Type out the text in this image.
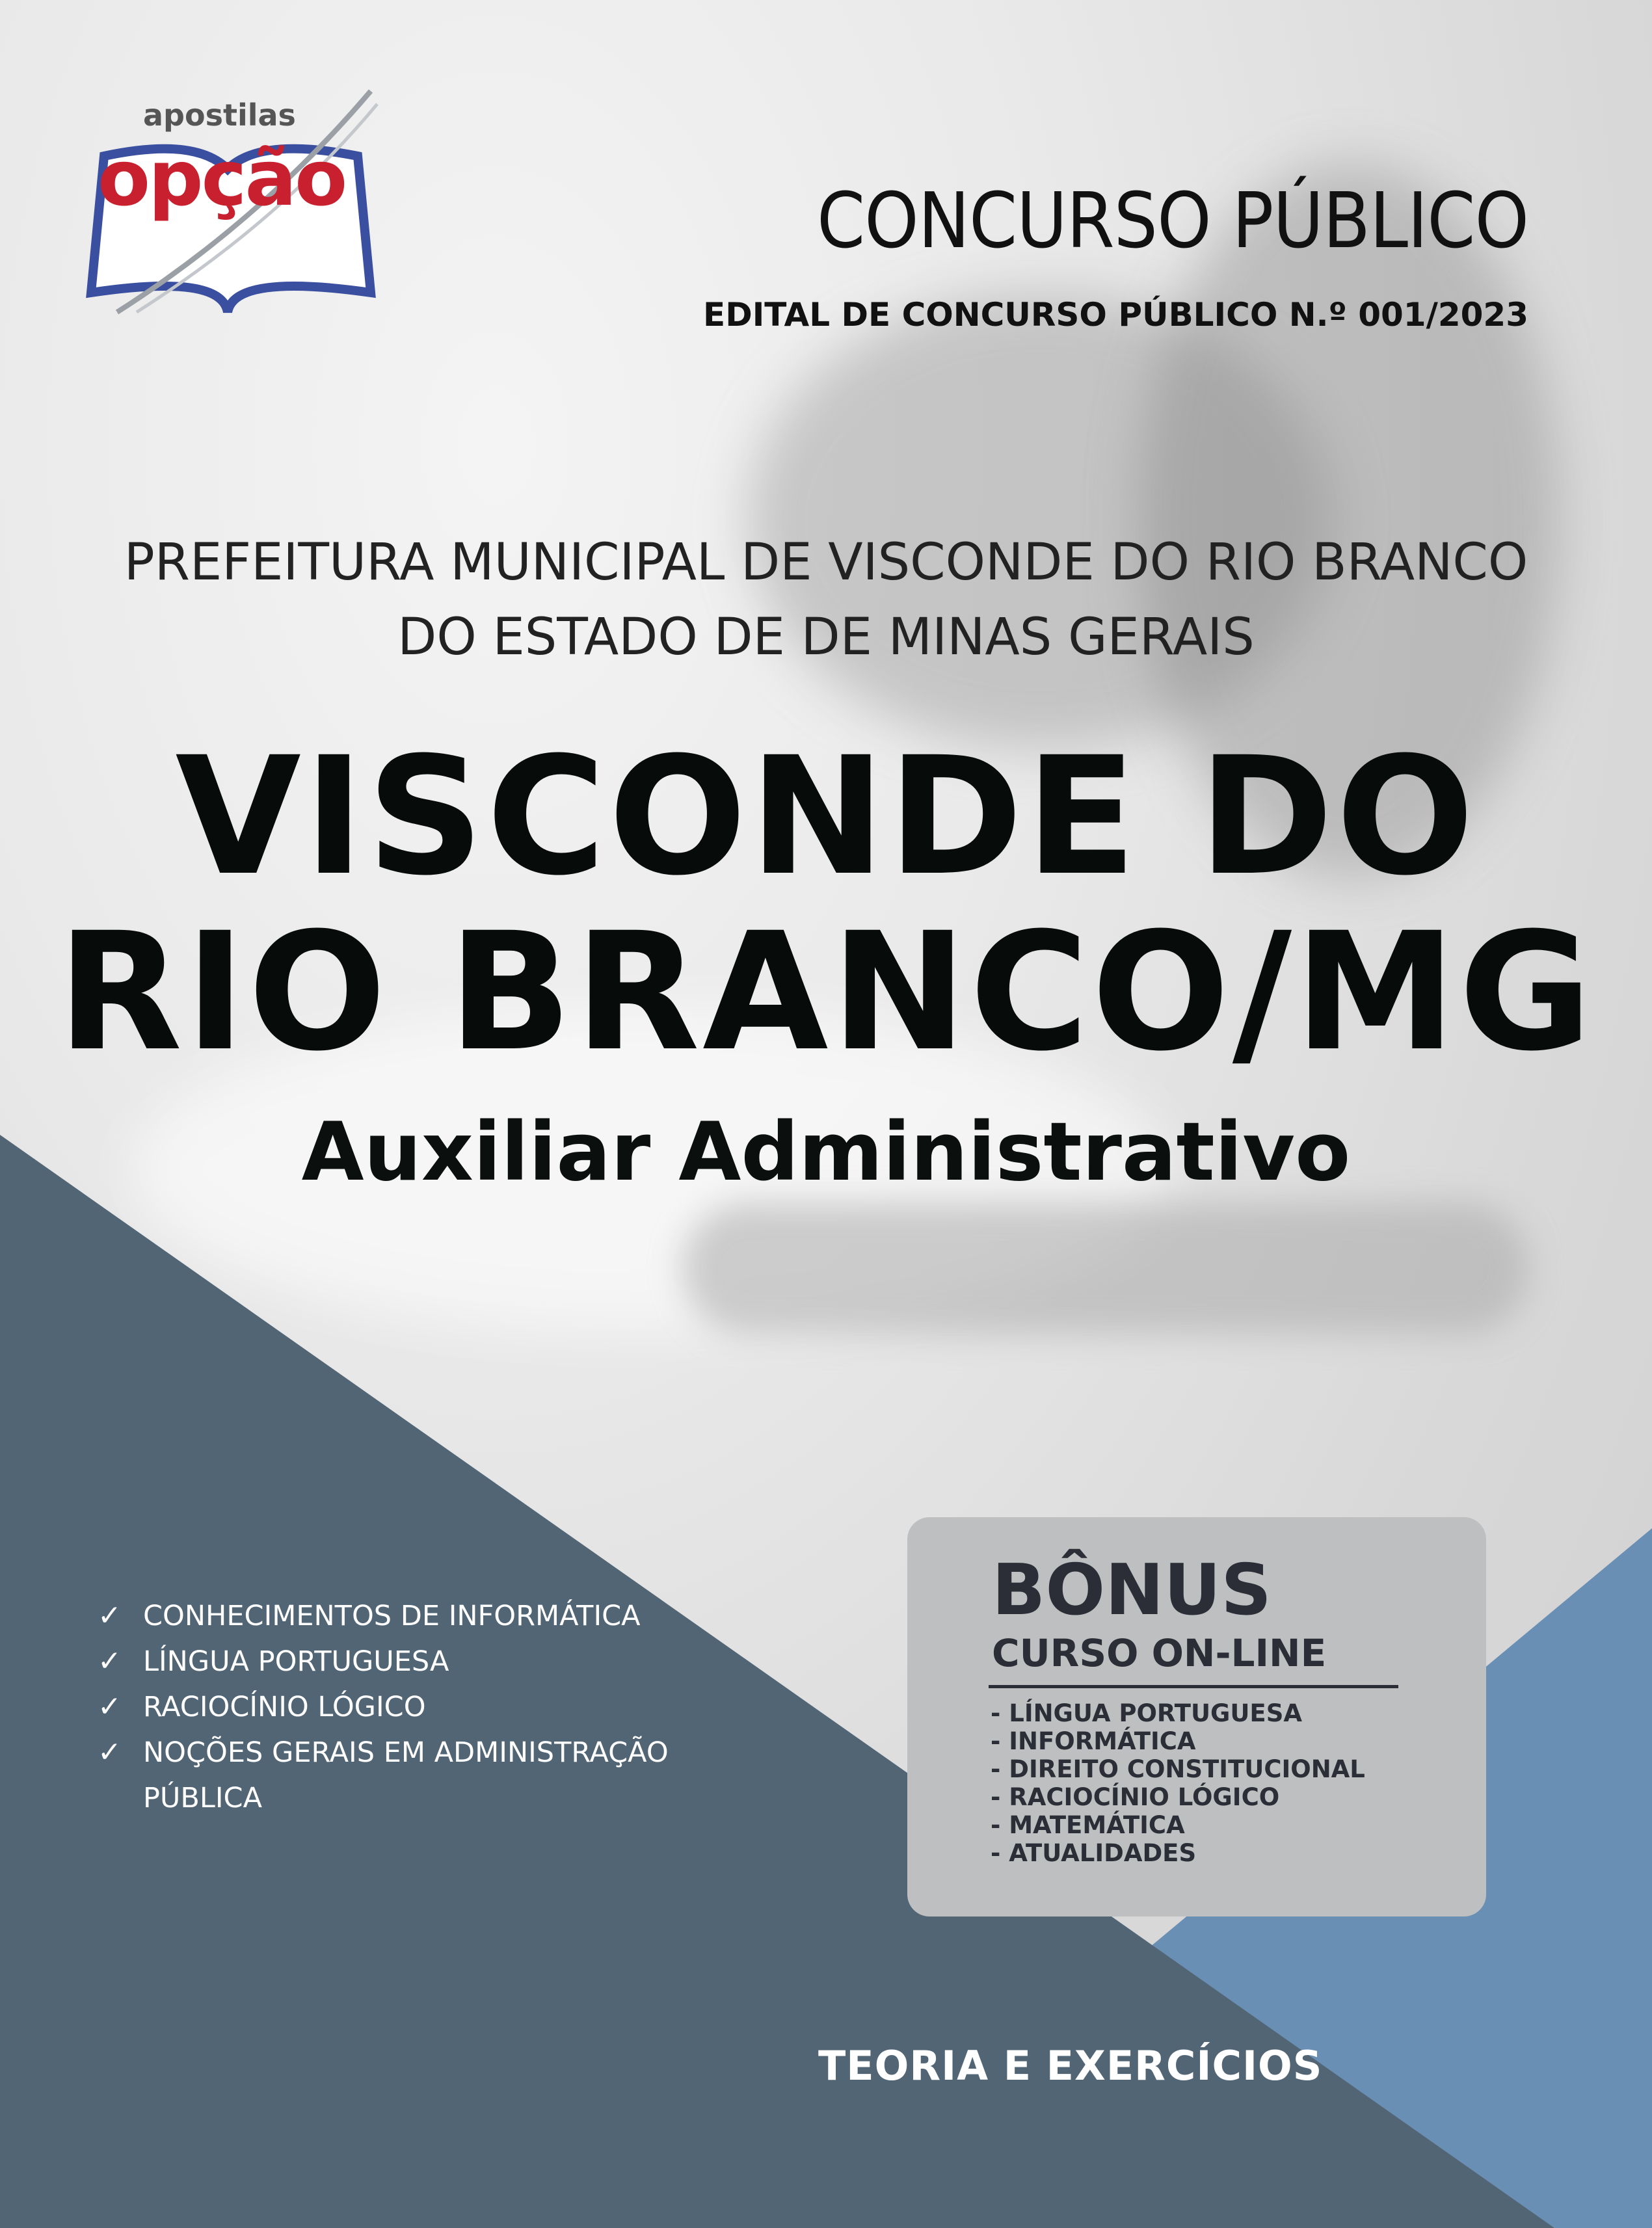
apostilas
opção	CONCURSO PÚBLICO
EDITAL DE CONCURSO PÚBLICO N.º 001/2023
PREFEITURA MUNICIPAL DE VISCONDE DO RIO BRANCO
DO ESTADO DE DE MINAS GERAIS
VISCONDE DO
RIO BRANCO/MG
Auxiliar Administrativo
✓ CONHECIMENTOS DE INFORMÁTICA
✓ LÍNGUA PORTUGUESA
✓ RACIOCÍNIO LÓGICO
✓ NOÇÕES GERAIS EM ADMINISTRAÇÃO PÚBLICA
BÔNUS
CURSO ON-LINE
- LÍNGUA PORTUGUESA
- INFORMÁTICA
- DIREITO CONSTITUCIONAL
- RACIOCÍNIO LÓGICO
- MATEMÁTICA
- ATUALIDADES
TEORIA E EXERCÍCIOS
